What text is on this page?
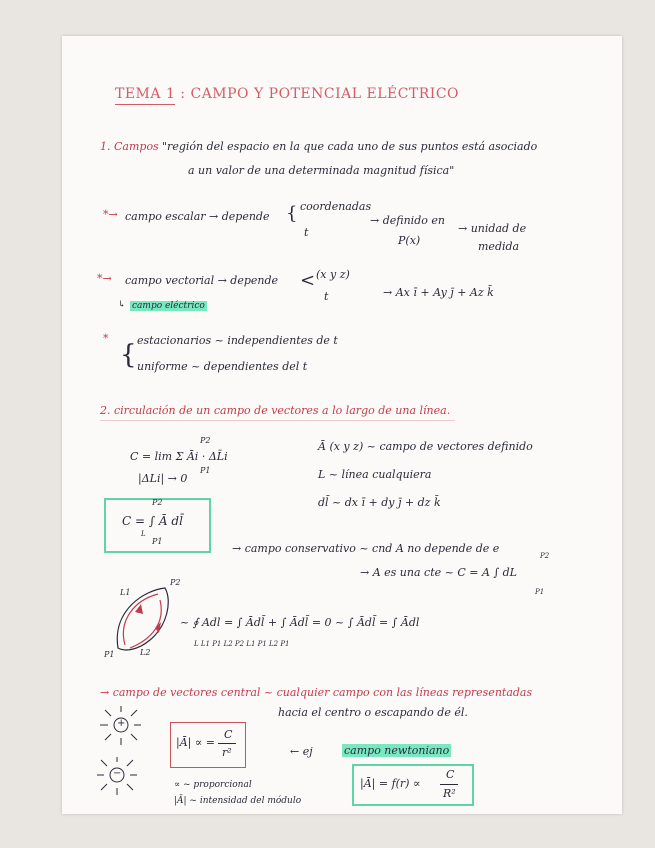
TEMA 1 : CAMPO Y POTENCIAL ELÉCTRICO
1. Campos "región del espacio en la que cada uno de sus puntos está asociado
a un valor de una determinada magnitud física"
*→ campo escalar → depende { coordenadas
t
→ definido en
P(x)
→ unidad de
medida
*→ campo vectorial → depende < (x y z)
t	→ Ax ī + Ay j̄ + Az k̄
↳ campo eléctrico
*
{ estacionarios ~ independientes de t
uniforme ~ dependientes del t
2. circulación de un campo de vectores a lo largo de una línea.
C = lim Σ Āi · ΔL̄i
P2
P1
|ΔLi| → 0
Ā (x y z) ~ campo de vectores definido
L ~ línea cualquiera
dl̄ ~ dx ī + dy j̄ + dz k̄
C = ∫ Ā dl̄
P2
P1
L
→ campo conservativo ~ cnd A no depende de e
→ A es una cte ~ C = A ∫ dL
P2
P1
P2
P1
L1
L2
~ ∮ Adl = ∫ Ādl̄ + ∫ Ādl̄ = 0 ~ ∫ Ādl̄ = ∫ Ādl
L L1 P1 L2 P2 L1 P1 L2 P1
→ campo de vectores central ~ cualquier campo con las líneas representadas
hacia el centro o escapando de él.
+
−
|Ā| ∝ =
C
r²	← ej	campo newtoniano
|Ā| = f(r) ∝
C
R²
∝ ~ proporcional
|Ā| ~ intensidad del módulo
